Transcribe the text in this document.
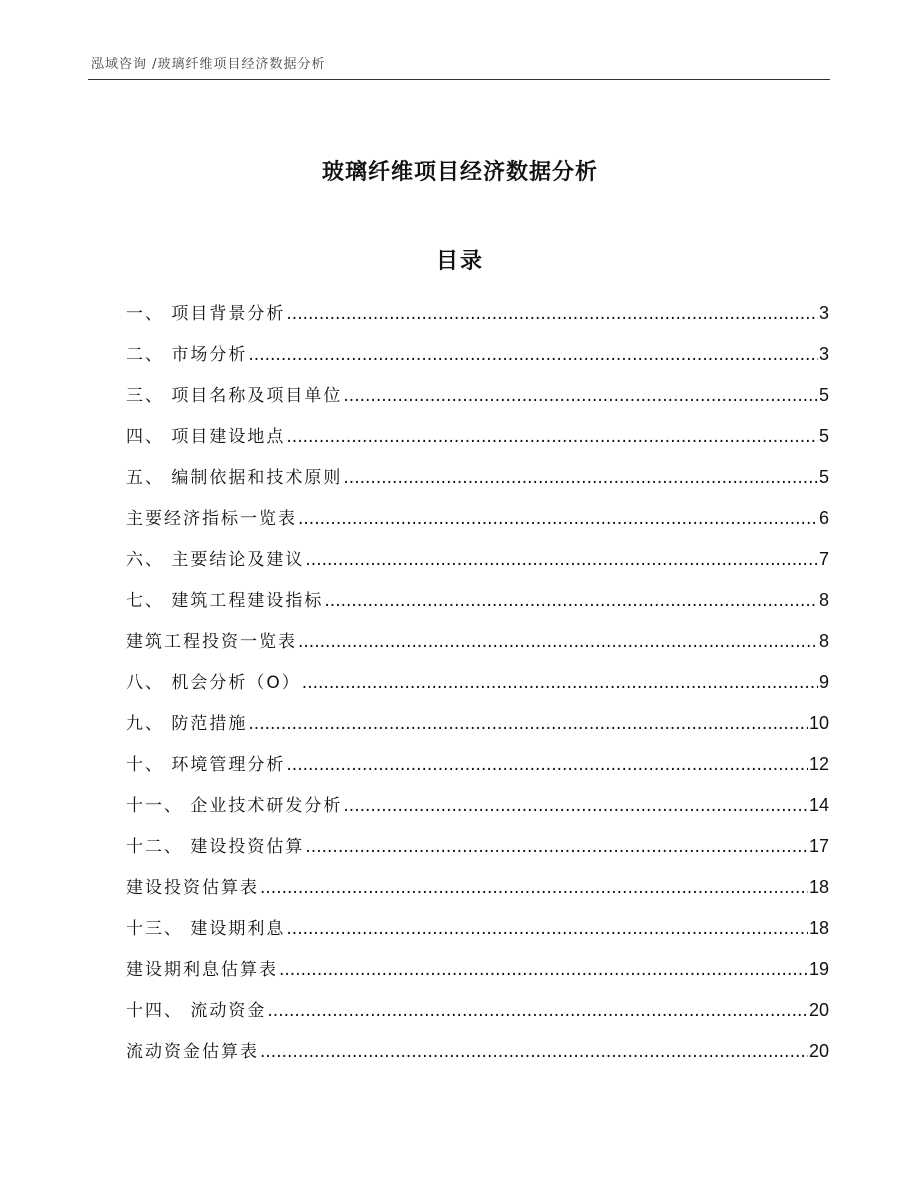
泓域咨询 /玻璃纤维项目经济数据分析
玻璃纤维项目经济数据分析
目录
一、 项目背景分析 .....	3
二、 市场分析 .....	3
三、 项目名称及项目单位 .....	5
四、 项目建设地点 .....	5
五、 编制依据和技术原则 .....	5
主要经济指标一览表 .....	6
六、 主要结论及建议 .....	7
七、 建筑工程建设指标 .....	8
建筑工程投资一览表 .....	8
八、 机会分析（O） .....	9
九、 防范措施 .....	10
十、 环境管理分析 .....	12
十一、 企业技术研发分析 .....	14
十二、 建设投资估算 .....	17
建设投资估算表 .....	18
十三、 建设期利息 .....	18
建设期利息估算表 .....	19
十四、 流动资金 .....	20
流动资金估算表 .....	20
